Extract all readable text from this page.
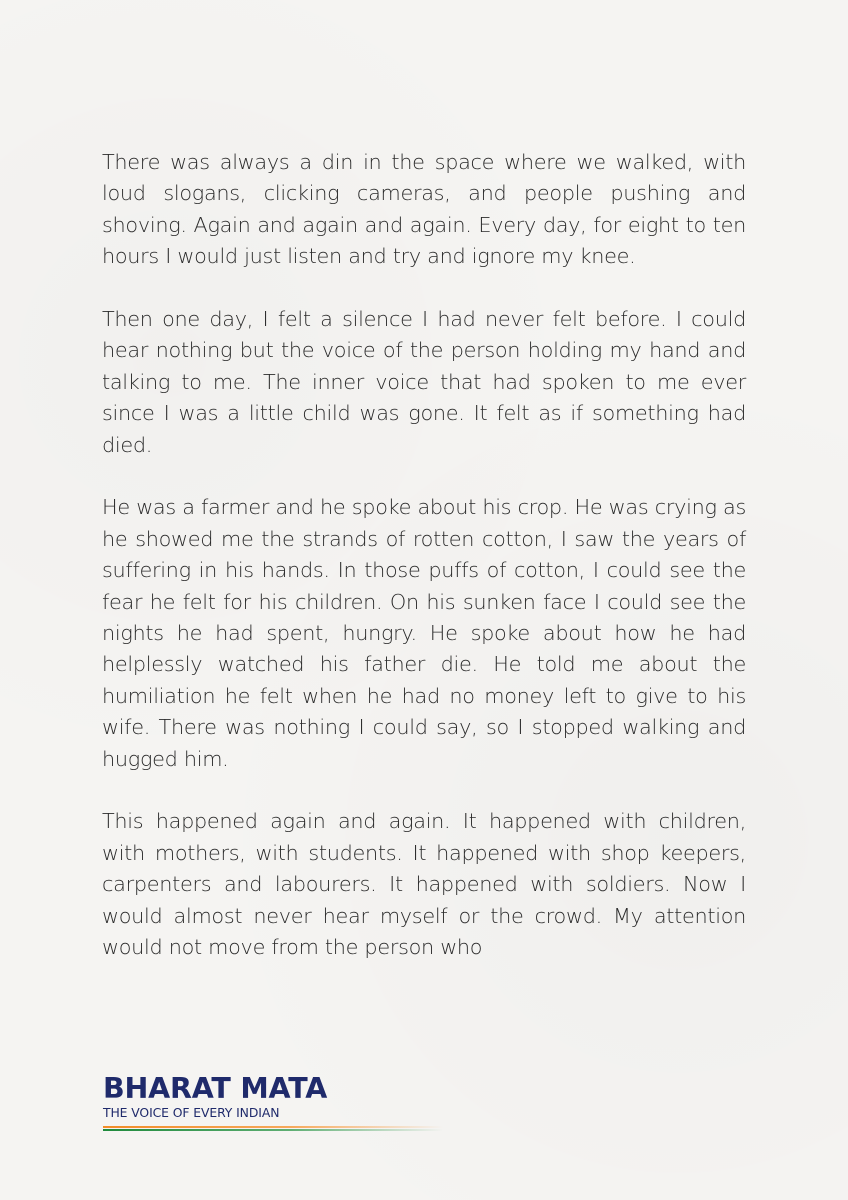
There was always a din in the space where we walked, with loud slogans, clicking cameras, and people pushing and shoving. Again and again and again. Every day, for eight to ten hours I would just listen and try and ignore my knee.

Then one day, I felt a silence I had never felt before. I could hear nothing but the voice of the person holding my hand and talking to me. The inner voice that had spoken to me ever since I was a little child was gone. It felt as if something had died.

He was a farmer and he spoke about his crop. He was crying as he showed me the strands of rotten cotton, I saw the years of suffering in his hands. In those puffs of cotton, I could see the fear he felt for his children. On his sunken face I could see the nights he had spent, hungry. He spoke about how he had helplessly watched his father die. He told me about the humiliation he felt when he had no money left to give to his wife. There was nothing I could say, so I stopped walking and hugged him.

This happened again and again. It happened with children, with mothers, with students. It happened with shop keepers, carpenters and labourers. It happened with soldiers. Now I would almost never hear myself or the crowd. My attention would not move from the person who

BHARAT MATA
THE VOICE OF EVERY INDIAN
